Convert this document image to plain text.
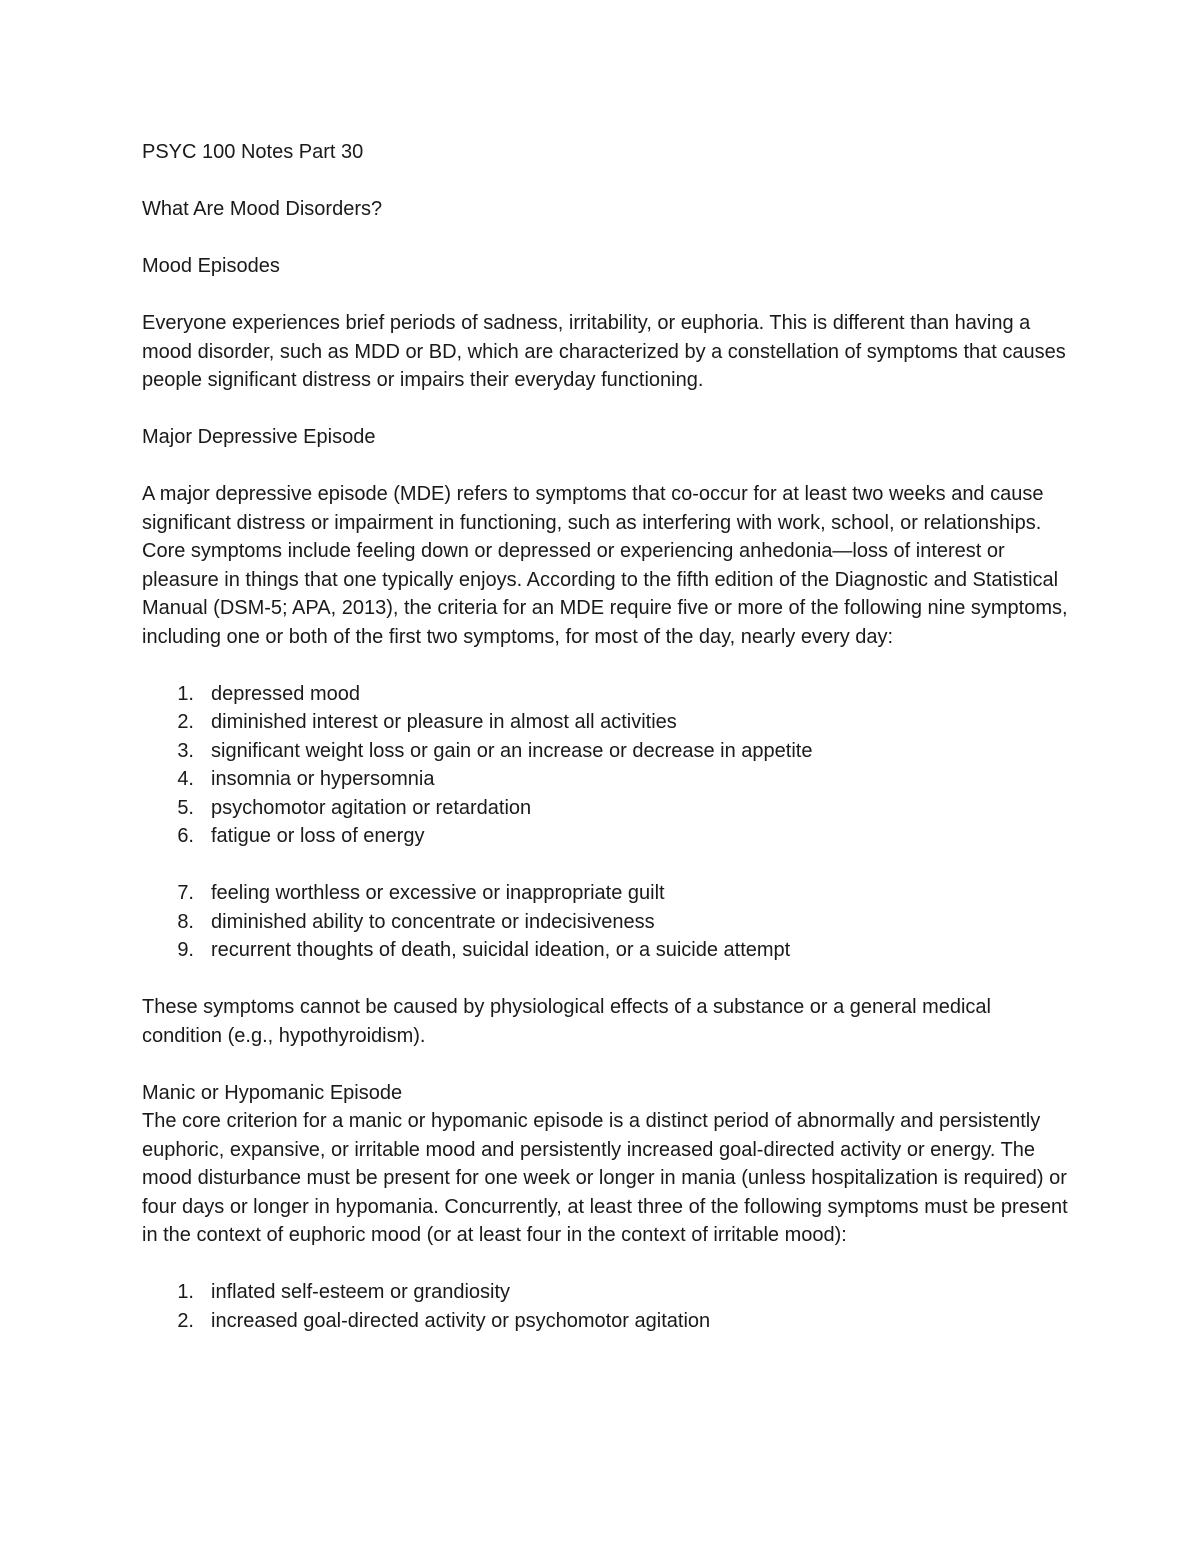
PSYC 100 Notes Part 30

What Are Mood Disorders?

Mood Episodes

Everyone experiences brief periods of sadness, irritability, or euphoria. This is different than having a mood disorder, such as MDD or BD, which are characterized by a constellation of symptoms that causes people significant distress or impairs their everyday functioning.

Major Depressive Episode

A major depressive episode (MDE) refers to symptoms that co-occur for at least two weeks and cause significant distress or impairment in functioning, such as interfering with work, school, or relationships. Core symptoms include feeling down or depressed or experiencing anhedonia—loss of interest or pleasure in things that one typically enjoys. According to the fifth edition of the Diagnostic and Statistical Manual (DSM-5; APA, 2013), the criteria for an MDE require five or more of the following nine symptoms, including one or both of the first two symptoms, for most of the day, nearly every day:

1. depressed mood
2. diminished interest or pleasure in almost all activities
3. significant weight loss or gain or an increase or decrease in appetite
4. insomnia or hypersomnia
5. psychomotor agitation or retardation
6. fatigue or loss of energy
7. feeling worthless or excessive or inappropriate guilt
8. diminished ability to concentrate or indecisiveness
9. recurrent thoughts of death, suicidal ideation, or a suicide attempt

These symptoms cannot be caused by physiological effects of a substance or a general medical condition (e.g., hypothyroidism).

Manic or Hypomanic Episode

The core criterion for a manic or hypomanic episode is a distinct period of abnormally and persistently euphoric, expansive, or irritable mood and persistently increased goal-directed activity or energy. The mood disturbance must be present for one week or longer in mania (unless hospitalization is required) or four days or longer in hypomania. Concurrently, at least three of the following symptoms must be present in the context of euphoric mood (or at least four in the context of irritable mood):

1. inflated self-esteem or grandiosity
2. increased goal-directed activity or psychomotor agitation
